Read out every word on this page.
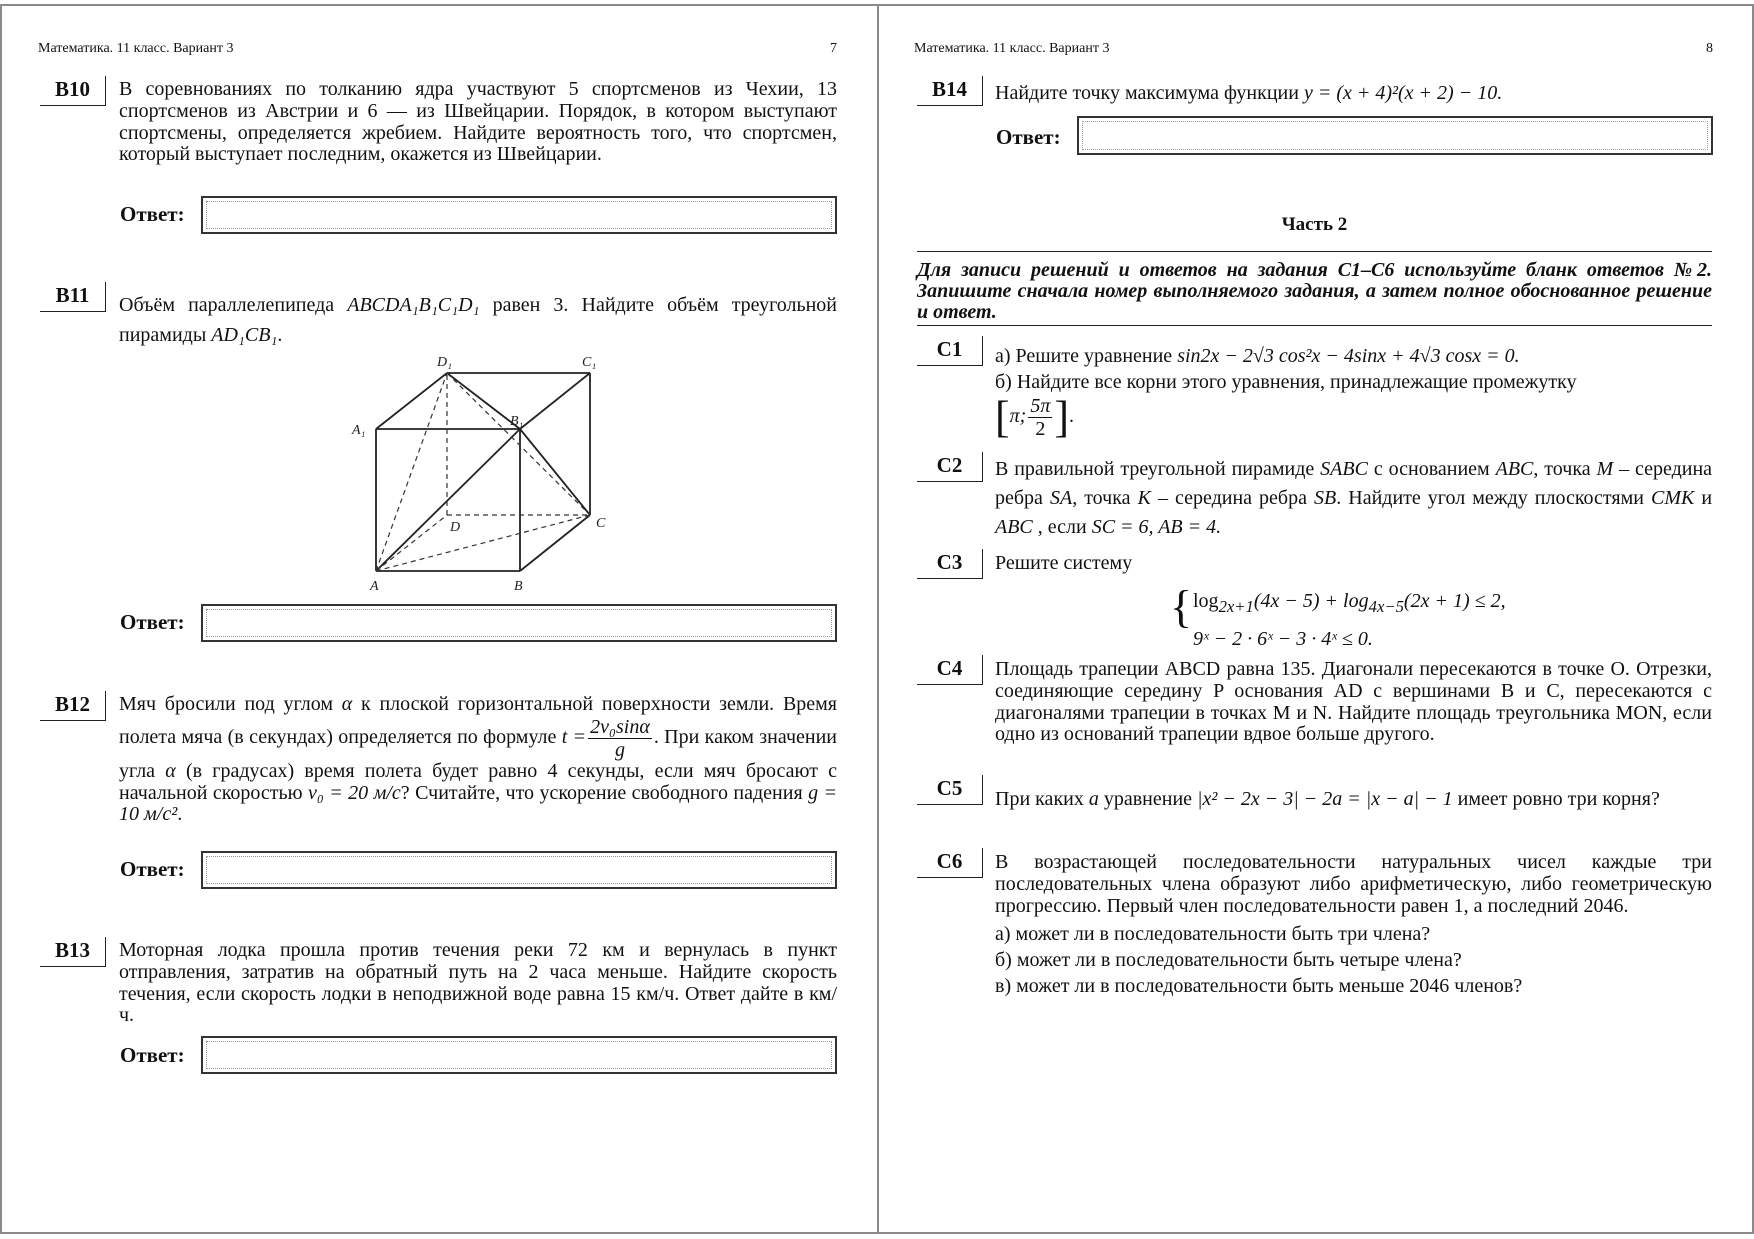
Математика. 11 класс. Вариант 3	7
B10	В соревнованиях по толканию ядра участвуют 5 спортсменов из Чехии, 13 спортсменов из Австрии и 6 — из Швейцарии. Порядок, в котором выступают спортсмены, определяется жребием. Найдите вероятность того, что спортсмен, который выступает последним, окажется из Швейцарии.
Ответ:
B11	Объём параллелепипеда ABCDA₁B₁C₁D₁ равен 3. Найдите объём треугольной пирамиды AD₁CB₁.
D₁	C₁
A₁
B₁
D	C
A	B
Ответ:
B12	Мяч бросили под углом α к плоской горизонтальной поверхности земли. Время полета мяча (в секундах) определяется по формуле $t = \frac{\text{2v₀sinα}}{g}$ . При каком значении угла α (в градусах) время полета будет равно 4 секунды, если мяч бросают с начальной скоростью v₀ = 20 м/с? Считайте, что ускорение свободного падения g = 10 м/с².
Ответ:
B13	Моторная лодка прошла против течения реки 72 км и вернулась в пункт отправления, затратив на обратный путь на 2 часа меньше. Найдите скорость течения, если скорость лодки в неподвижной воде равна 15 км/ч. Ответ дайте в км/ч.
Ответ:
Математика. 11 класс. Вариант 3	8
B14	Найдите точку максимума функции y = (x + 4)²(x + 2) − 10.
Ответ:
Часть 2
Для записи решений и ответов на задания С1–С6 используйте бланк ответов №2. Запишите сначала номер выполняемого задания, а затем полное обоснованное решение и ответ.
C1	а) Решите уравнение sin2x − 2√3 cos²x − 4sinx + 4√3 cosx = 0.
б) Найдите все корни этого уравнения, принадлежащие промежутку
[π; $\frac{5\pi}{2}$ ].
C2	В правильной треугольной пирамиде SABC с основанием ABC, точка M – середина ребра SA, точка K – середина ребра SB. Найдите угол между плоскостями CMK и ABC , если SC = 6, AB = 4.
C3	Решите систему
{ $\log_{2x+1}(4x - 5) + \log_{4x-5}(2x + 1) \le 2$,
9ˣ − 2 · 6ˣ − 3 · 4ˣ ≤ 0.
C4	Площадь трапеции ABCD равна 135. Диагонали пересекаются в точке O. Отрезки, соединяющие середину P основания AD с вершинами B и C, пересекаются с диагоналями трапеции в точках M и N. Найдите площадь треугольника MON, если одно из оснований трапеции вдвое больше другого.
C5	При каких a уравнение |x² − 2x − 3| − 2a = |x − a| − 1 имеет ровно три корня?
C6	В возрастающей последовательности натуральных чисел каждые три последовательных члена образуют либо арифметическую, либо геометрическую прогрессию. Первый член последовательности равен 1, а последний 2046.
а) может ли в последовательности быть три члена?
б) может ли в последовательности быть четыре члена?
в) может ли в последовательности быть меньше 2046 членов?
